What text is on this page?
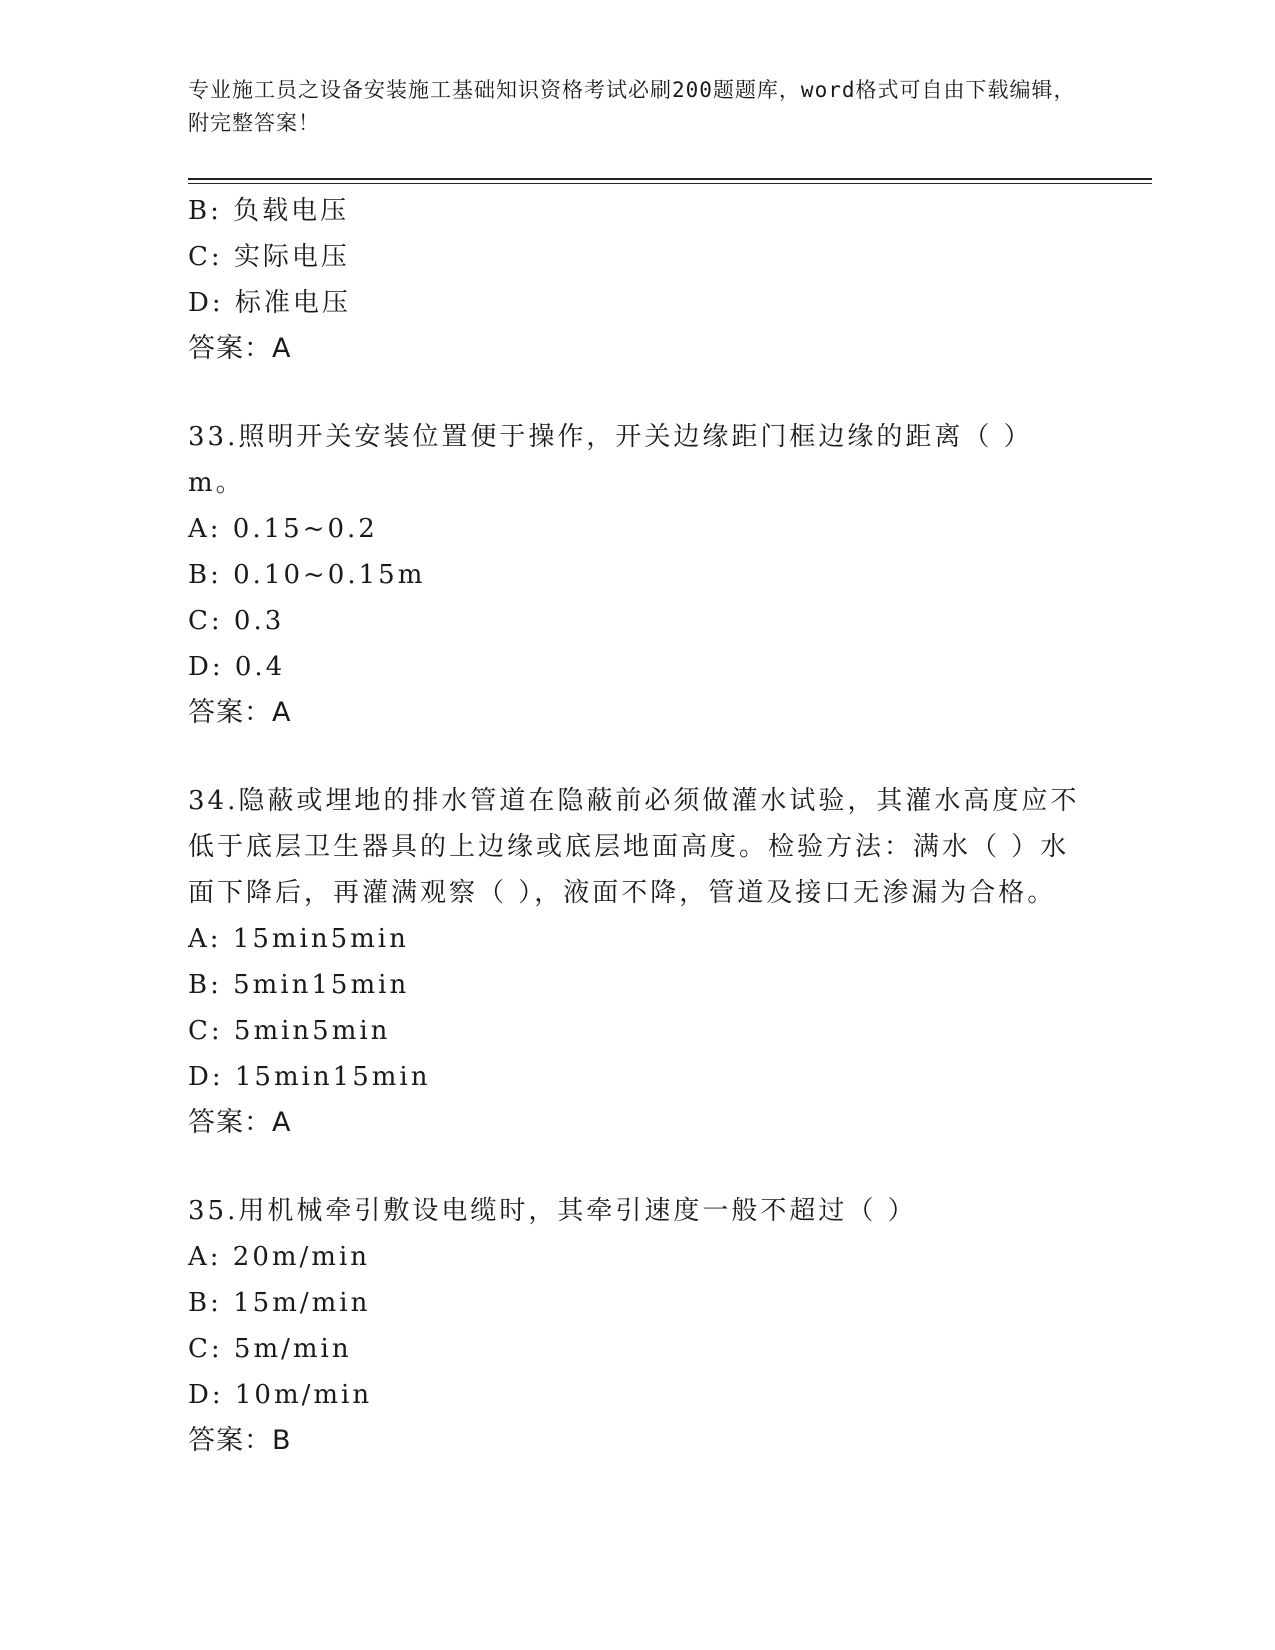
专业施工员之设备安装施工基础知识资格考试必刷200题题库，word格式可自由下载编辑，附完整答案！
B: 负载电压
C: 实际电压
D: 标准电压
答案：A
33.照明开关安装位置便于操作，开关边缘距门框边缘的距离（ ）m。
A: 0.15~0.2
B: 0.10~0.15m
C: 0.3
D: 0.4
答案：A
34.隐蔽或埋地的排水管道在隐蔽前必须做灌水试验，其灌水高度应不低于底层卫生器具的上边缘或底层地面高度。检验方法：满水（ ）水面下降后，再灌满观察（ ），液面不降，管道及接口无渗漏为合格。
A: 15min5min
B: 5min15min
C: 5min5min
D: 15min15min
答案：A
35.用机械牵引敷设电缆时，其牵引速度一般不超过（ ）
A: 20m/min
B: 15m/min
C: 5m/min
D: 10m/min
答案：B
